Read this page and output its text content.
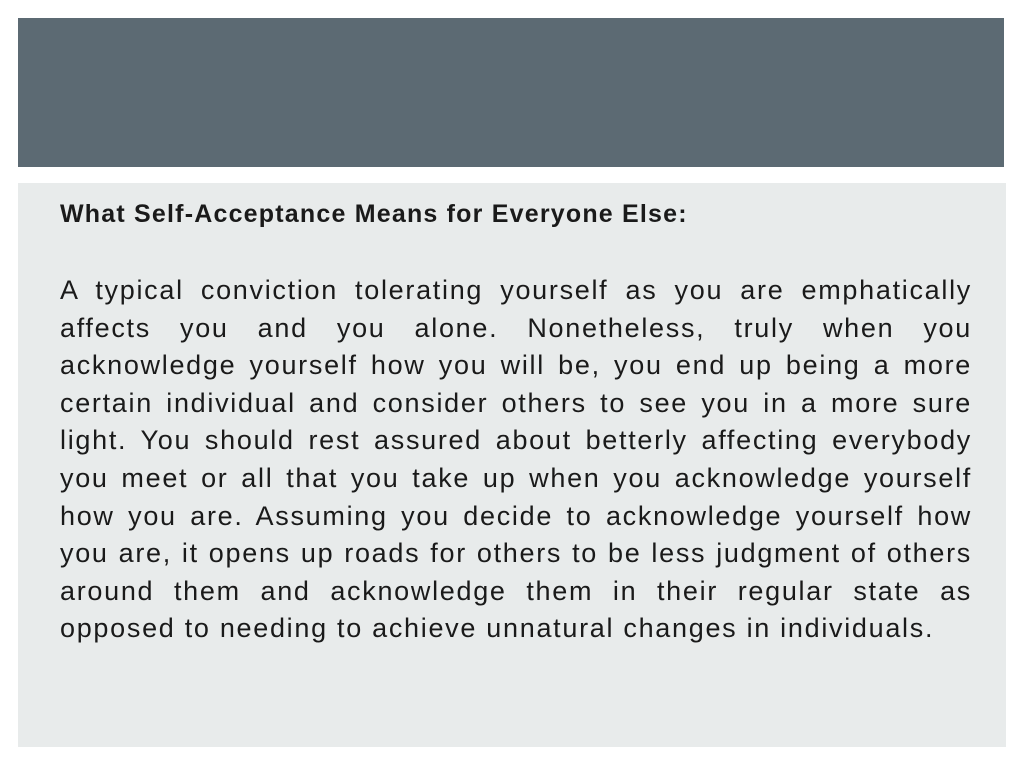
What Self-Acceptance Means for Everyone Else:

A typical conviction tolerating yourself as you are emphatically affects you and you alone. Nonetheless, truly when you acknowledge yourself how you will be, you end up being a more certain individual and consider others to see you in a more sure light. You should rest assured about betterly affecting everybody you meet or all that you take up when you acknowledge yourself how you are. Assuming you decide to acknowledge yourself how you are, it opens up roads for others to be less judgment of others around them and acknowledge them in their regular state as opposed to needing to achieve unnatural changes in individuals.
